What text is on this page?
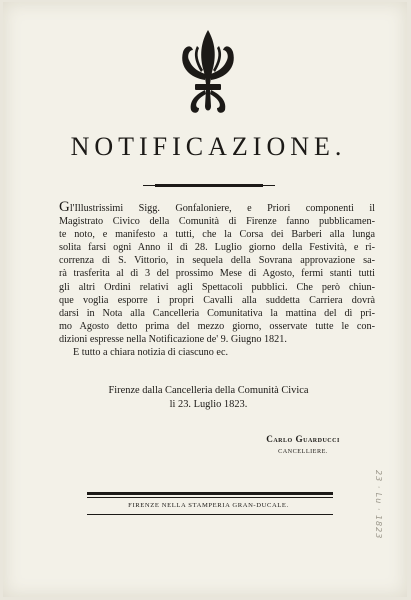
NOTIFICAZIONE.
Gl'Illustrissimi Sigg. Gonfaloniere, e Priori componenti il
Magistrato Civico della Comunità di Firenze fanno pubblicamen-
te noto, e manifesto a tutti, che la Corsa dei Barberi alla lunga
solita farsi ogni Anno il dì 28. Luglio giorno della Festività, e ri-
correnza di S. Vittorio, in sequela della Sovrana approvazione sa-
rà trasferita al dì 3 del prossimo Mese di Agosto, fermi stanti tutti
gli altri Ordini relativi agli Spettacoli pubblici. Che però chiun-
que voglia esporre i propri Cavalli alla suddetta Carriera dovrà
darsi in Nota alla Cancelleria Comunitativa la mattina del dì pri-
mo Agosto detto prima del mezzo giorno, osservate tutte le con-
dizioni espresse nella Notificazione de' 9. Giugno 1821.
E tutto a chiara notizia di ciascuno ec.
Firenze dalla Cancelleria della Comunità Civica
li 23. Luglio 1823.
Carlo Guarducci
CANCELLIERE.
FIRENZE NELLA STAMPERIA GRAN-DUCALE.	23 · Lu · 1823
